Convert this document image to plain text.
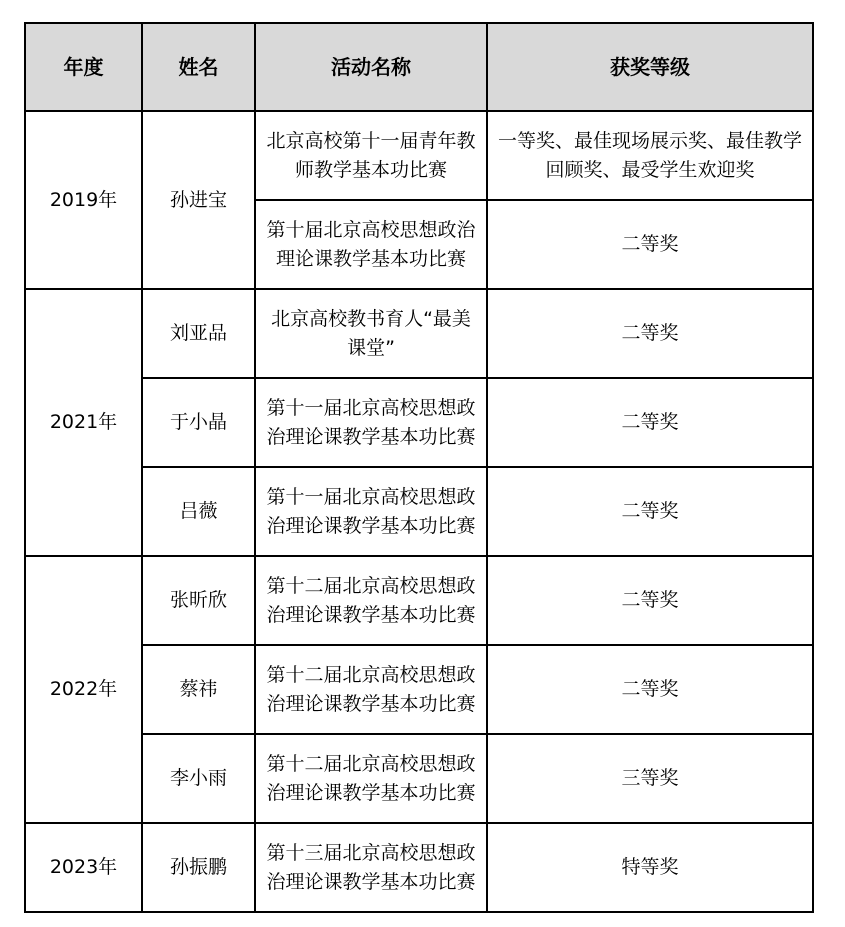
年度	姓名	活动名称	获奖等级
2019年	孙进宝	北京高校第十一届青年教师教学基本功比赛	一等奖、最佳现场展示奖、最佳教学回顾奖、最受学生欢迎奖
		第十届北京高校思想政治理论课教学基本功比赛	二等奖
2021年	刘亚品	北京高校教书育人“最美课堂”	二等奖
	于小晶	第十一届北京高校思想政治理论课教学基本功比赛	二等奖
	吕薇	第十一届北京高校思想政治理论课教学基本功比赛	二等奖
2022年	张昕欣	第十二届北京高校思想政治理论课教学基本功比赛	二等奖
	蔡祎	第十二届北京高校思想政治理论课教学基本功比赛	二等奖
	李小雨	第十二届北京高校思想政治理论课教学基本功比赛	三等奖
2023年	孙振鹏	第十三届北京高校思想政治理论课教学基本功比赛	特等奖
